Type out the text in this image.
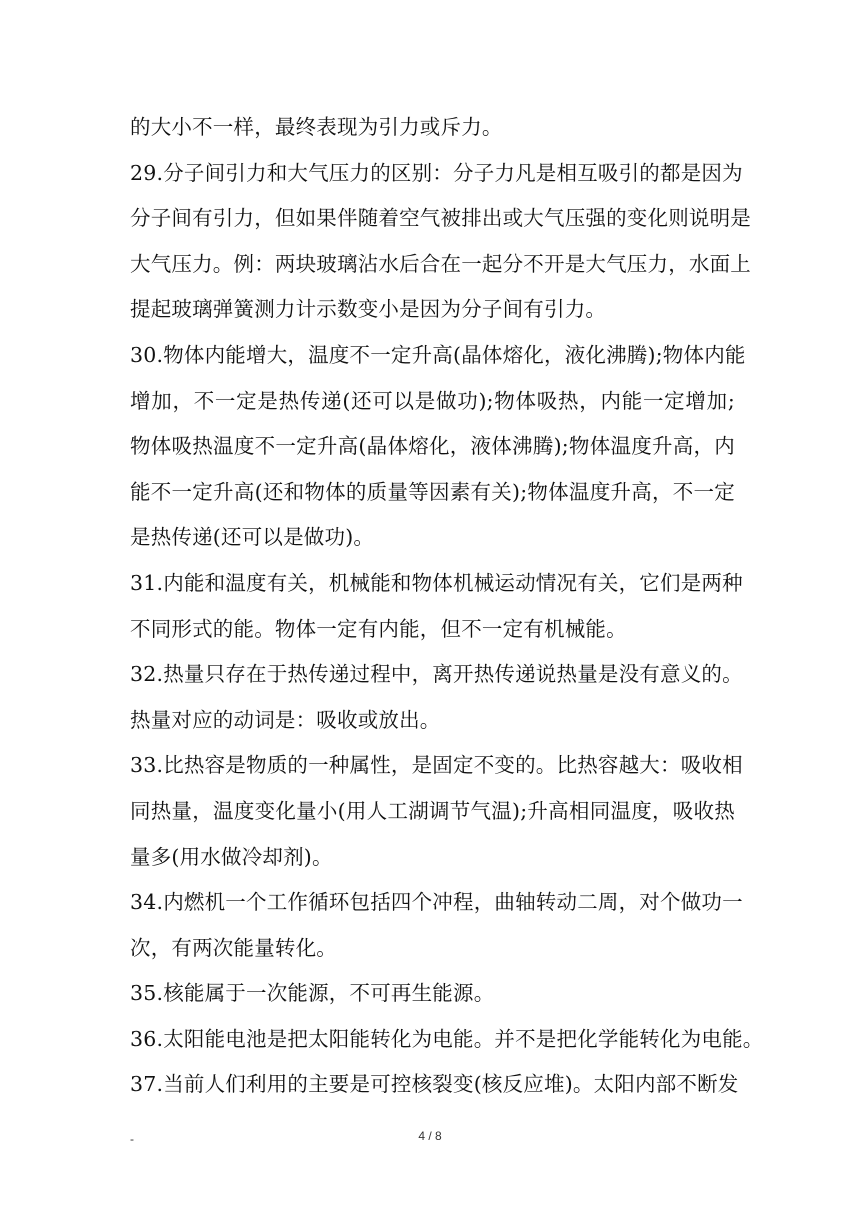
的大小不一样，最终表现为引力或斥力。
29.分子间引力和大气压力的区别：分子力凡是相互吸引的都是因为
分子间有引力，但如果伴随着空气被排出或大气压强的变化则说明是
大气压力。例：两块玻璃沾水后合在一起分不开是大气压力，水面上
提起玻璃弹簧测力计示数变小是因为分子间有引力。
30.物体内能增大，温度不一定升高(晶体熔化，液化沸腾);物体内能
增加，不一定是热传递(还可以是做功);物体吸热，内能一定增加;
物体吸热温度不一定升高(晶体熔化，液体沸腾);物体温度升高，内
能不一定升高(还和物体的质量等因素有关);物体温度升高，不一定
是热传递(还可以是做功)。
31.内能和温度有关，机械能和物体机械运动情况有关，它们是两种
不同形式的能。物体一定有内能，但不一定有机械能。
32.热量只存在于热传递过程中，离开热传递说热量是没有意义的。
热量对应的动词是：吸收或放出。
33.比热容是物质的一种属性，是固定不变的。比热容越大：吸收相
同热量，温度变化量小(用人工湖调节气温);升高相同温度，吸收热
量多(用水做冷却剂)。
34.内燃机一个工作循环包括四个冲程，曲轴转动二周，对个做功一
次，有两次能量转化。
35.核能属于一次能源，不可再生能源。
36.太阳能电池是把太阳能转化为电能。并不是把化学能转化为电能。
37.当前人们利用的主要是可控核裂变(核反应堆)。太阳内部不断发
-	4 / 8
